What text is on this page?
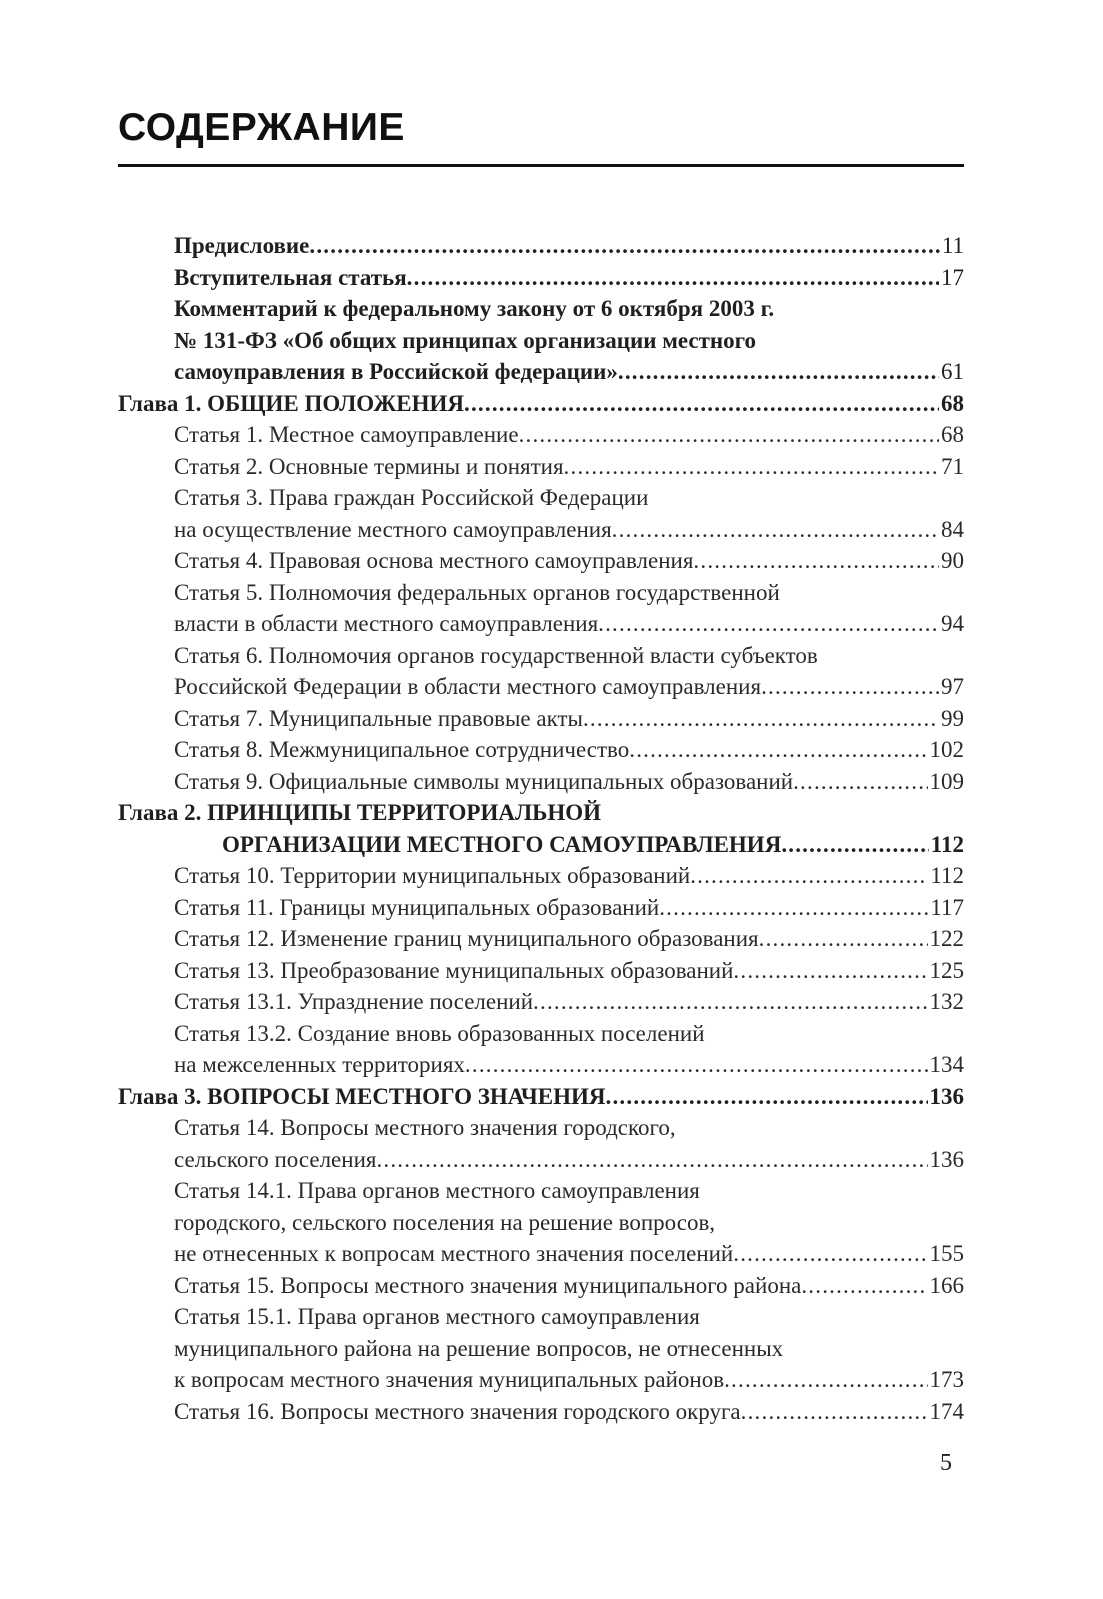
СОДЕРЖАНИЕ
Предисловие .....	11
Вступительная статья .....	17
Комментарий к федеральному закону от 6 октября 2003 г.
№ 131-ФЗ «Об общих принципах организации местного
самоуправления в Российской федерации» .....	61
Глава 1. ОБЩИЕ ПОЛОЖЕНИЯ .....	68
Статья 1. Местное самоуправление .....	68
Статья 2. Основные термины и понятия .....	71
Статья 3. Права граждан Российской Федерации
на осуществление местного самоуправления .....	84
Статья 4. Правовая основа местного самоуправления .....	90
Статья 5. Полномочия федеральных органов государственной
власти в области местного самоуправления .....	94
Статья 6. Полномочия органов государственной власти субъектов
Российской Федерации в области местного самоуправления .....	97
Статья 7. Муниципальные правовые акты .....	99
Статья 8. Межмуниципальное сотрудничество .....	102
Статья 9. Официальные символы муниципальных образований .....	109
Глава 2. ПРИНЦИПЫ ТЕРРИТОРИАЛЬНОЙ
ОРГАНИЗАЦИИ МЕСТНОГО САМОУПРАВЛЕНИЯ .....	112
Статья 10. Территории муниципальных образований .....	112
Статья 11. Границы муниципальных образований .....	117
Статья 12. Изменение границ муниципального образования .....	122
Статья 13. Преобразование муниципальных образований .....	125
Статья 13.1. Упразднение поселений .....	132
Статья 13.2. Создание вновь образованных поселений
на межселенных территориях .....	134
Глава 3. ВОПРОСЫ МЕСТНОГО ЗНАЧЕНИЯ .....	136
Статья 14. Вопросы местного значения городского,
сельского поселения .....	136
Статья 14.1. Права органов местного самоуправления
городского, сельского поселения на решение вопросов,
не отнесенных к вопросам местного значения поселений .....	155
Статья 15. Вопросы местного значения муниципального района .....	166
Статья 15.1. Права органов местного самоуправления
муниципального района на решение вопросов, не отнесенных
к вопросам местного значения муниципальных районов .....	173
Статья 16. Вопросы местного значения городского округа .....	174
5
